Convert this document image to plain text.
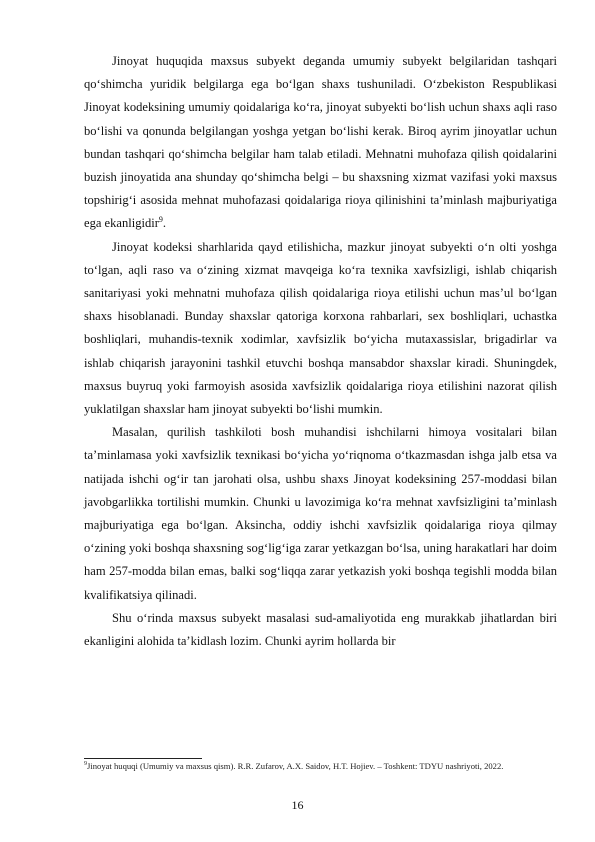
Jinoyat huquqida maxsus subyekt deganda umumiy subyekt belgilaridan tashqari qo‘shimcha yuridik belgilarga ega bo‘lgan shaxs tushuniladi. O‘zbekiston Respublikasi Jinoyat kodeksining umumiy qoidalariga ko‘ra, jinoyat subyekti bo‘lish uchun shaxs aqli raso bo‘lishi va qonunda belgilangan yoshga yetgan bo‘lishi kerak. Biroq ayrim jinoyatlar uchun bundan tashqari qo‘shimcha belgilar ham talab etiladi. Mehnatni muhofaza qilish qoidalarini buzish jinoyatida ana shunday qo‘shimcha belgi – bu shaxsning xizmat vazifasi yoki maxsus topshirig‘i asosida mehnat muhofazasi qoidalariga rioya qilinishini ta’minlash majburiyatiga ega ekanligidir$^9$.

Jinoyat kodeksi sharhlarida qayd etilishicha, mazkur jinoyat subyekti o‘n olti yoshga to‘lgan, aqli raso va o‘zining xizmat mavqeiga ko‘ra texnika xavfsizligi, ishlab chiqarish sanitariyasi yoki mehnatni muhofaza qilish qoidalariga rioya etilishi uchun mas’ul bo‘lgan shaxs hisoblanadi. Bunday shaxslar qatoriga korxona rahbarlari, sex boshliqlari, uchastka boshliqlari, muhandis-texnik xodimlar, xavfsizlik bo‘yicha mutaxassislar, brigadirlar va ishlab chiqarish jarayonini tashkil etuvchi boshqa mansabdor shaxslar kiradi. Shuningdek, maxsus buyruq yoki farmoyish asosida xavfsizlik qoidalariga rioya etilishini nazorat qilish yuklatilgan shaxslar ham jinoyat subyekti bo‘lishi mumkin.

Masalan, qurilish tashkiloti bosh muhandisi ishchilarni himoya vositalari bilan ta’minlamasa yoki xavfsizlik texnikasi bo‘yicha yo‘riqnoma o‘tkazmasdan ishga jalb etsa va natijada ishchi og‘ir tan jarohati olsa, ushbu shaxs Jinoyat kodeksining 257-moddasi bilan javobgarlikka tortilishi mumkin. Chunki u lavozimiga ko‘ra mehnat xavfsizligini ta’minlash majburiyatiga ega bo‘lgan. Aksincha, oddiy ishchi xavfsizlik qoidalariga rioya qilmay o‘zining yoki boshqa shaxsning sog‘lig‘iga zarar yetkazgan bo‘lsa, uning harakatlari har doim ham 257-modda bilan emas, balki sog‘liqqa zarar yetkazish yoki boshqa tegishli modda bilan kvalifikatsiya qilinadi.

Shu o‘rinda maxsus subyekt masalasi sud-amaliyotida eng murakkab jihatlardan biri ekanligini alohida ta’kidlash lozim. Chunki ayrim hollarda bir

$^9$Jinoyat huquqi (Umumiy va maxsus qism). R.R. Zufarov, A.X. Saidov, H.T. Hojiev. – Toshkent: TDYU nashriyoti, 2022.
16
